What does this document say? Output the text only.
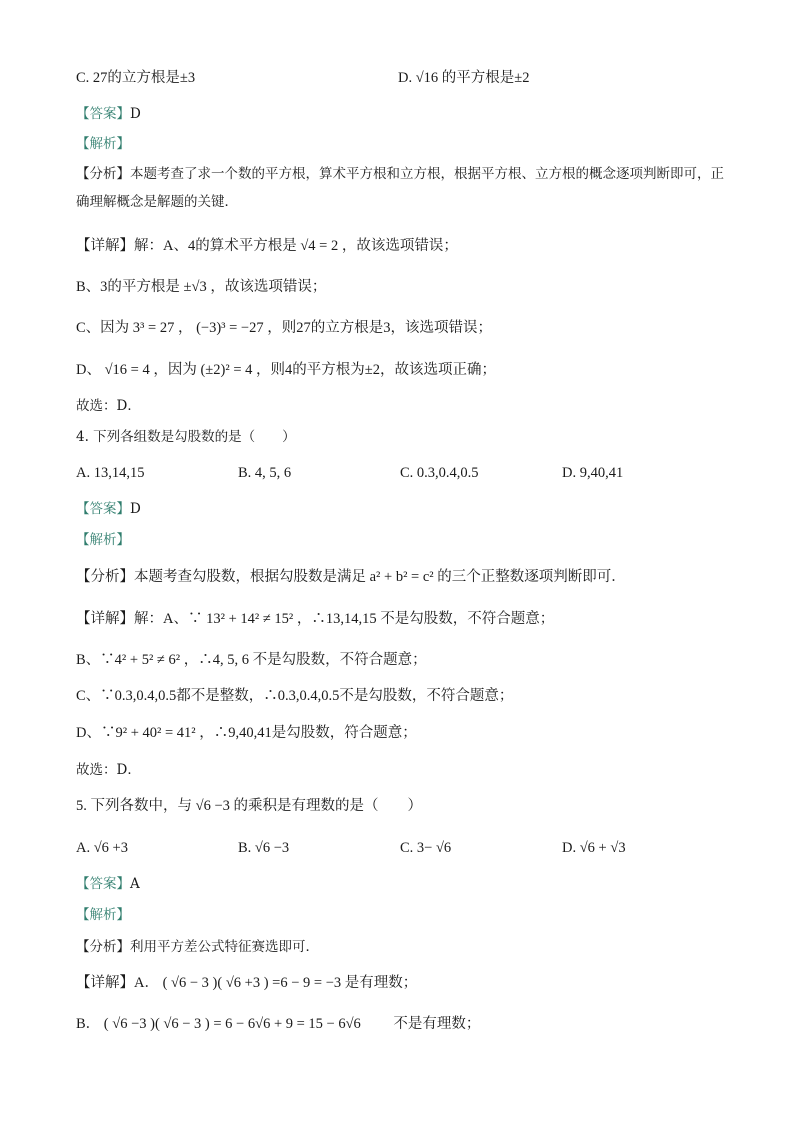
C. 27的立方根是±3	D. √16 的平方根是±2
【答案】D
【解析】
【分析】本题考查了求一个数的平方根，算术平方根和立方根，根据平方根、立方根的概念逐项判断即可，正确理解概念是解题的关键．
【详解】解：A、4的算术平方根是 √4 = 2 ，故该选项错误；
B、3的平方根是 ±√3 ，故该选项错误；
C、因为 3³ = 27 ， (−3)³ = −27 ，则27的立方根是3，该选项错误；
D、 √16 = 4 ，因为 (±2)² = 4 ，则4的平方根为±2，故该选项正确；
故选：D．
4. 下列各组数是勾股数的是（　　）
A. 13,14,15	B. 4, 5, 6	C. 0.3,0.4,0.5	D. 9,40,41
【答案】D
【解析】
【分析】本题考查勾股数，根据勾股数是满足 a² + b² = c² 的三个正整数逐项判断即可．
【详解】解：A、∵ 13² + 14² ≠ 15² ，∴13,14,15 不是勾股数，不符合题意；
B、∵4² + 5² ≠ 6² ，∴4, 5, 6 不是勾股数，不符合题意；
C、∵0.3,0.4,0.5都不是整数，∴0.3,0.4,0.5不是勾股数，不符合题意；
D、∵9² + 40² = 41² ，∴9,40,41是勾股数，符合题意；
故选：D．
5. 下列各数中，与 √6 −3 的乘积是有理数的是（　　）
A. √6 +3	B. √6 −3	C. 3− √6	D. √6 + √3
【答案】A
【解析】
【分析】利用平方差公式特征赛选即可．
【详解】A． ( √6 − 3 )( √6 +3 ) =6 − 9 = −3 是有理数；
B． ( √6 −3 )( √6 − 3 ) = 6 − 6√6 + 9 = 15 − 6√6 　　不是有理数；
